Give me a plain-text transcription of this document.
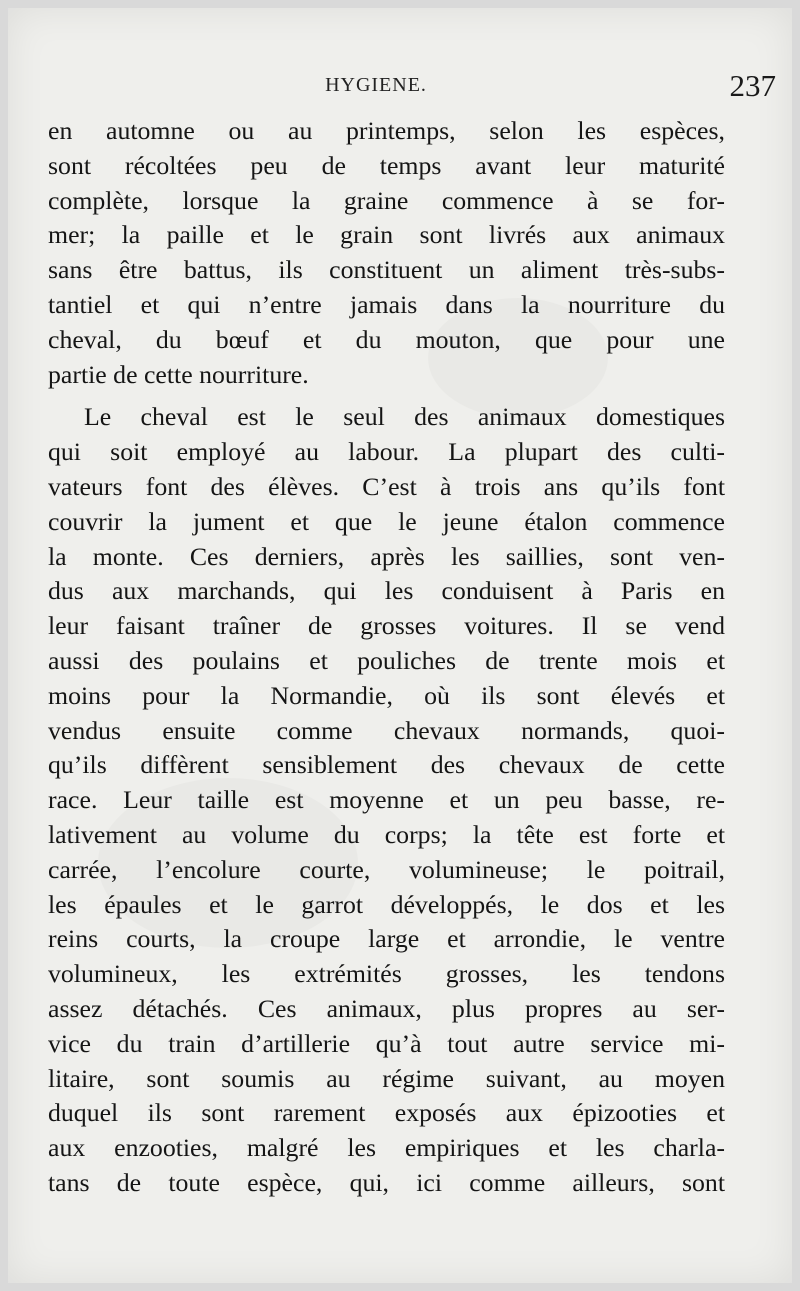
HYGIENE.	237
en automne ou au printemps, selon les espèces,
sont récoltées peu de temps avant leur maturité
complète, lorsque la graine commence à se for-
mer; la paille et le grain sont livrés aux animaux
sans être battus, ils constituent un aliment très-subs-
tantiel et qui n’entre jamais dans la nourriture du
cheval, du bœuf et du mouton, que pour une
partie de cette nourriture.
Le cheval est le seul des animaux domestiques
qui soit employé au labour. La plupart des culti-
vateurs font des élèves. C’est à trois ans qu’ils font
couvrir la jument et que le jeune étalon commence
la monte. Ces derniers, après les saillies, sont ven-
dus aux marchands, qui les conduisent à Paris en
leur faisant traîner de grosses voitures. Il se vend
aussi des poulains et pouliches de trente mois et
moins pour la Normandie, où ils sont élevés et
vendus ensuite comme chevaux normands, quoi-
qu’ils diffèrent sensiblement des chevaux de cette
race. Leur taille est moyenne et un peu basse, re-
lativement au volume du corps; la tête est forte et
carrée, l’encolure courte, volumineuse; le poitrail,
les épaules et le garrot développés, le dos et les
reins courts, la croupe large et arrondie, le ventre
volumineux, les extrémités grosses, les tendons
assez détachés. Ces animaux, plus propres au ser-
vice du train d’artillerie qu’à tout autre service mi-
litaire, sont soumis au régime suivant, au moyen
duquel ils sont rarement exposés aux épizooties et
aux enzooties, malgré les empiriques et les charla-
tans de toute espèce, qui, ici comme ailleurs, sont
